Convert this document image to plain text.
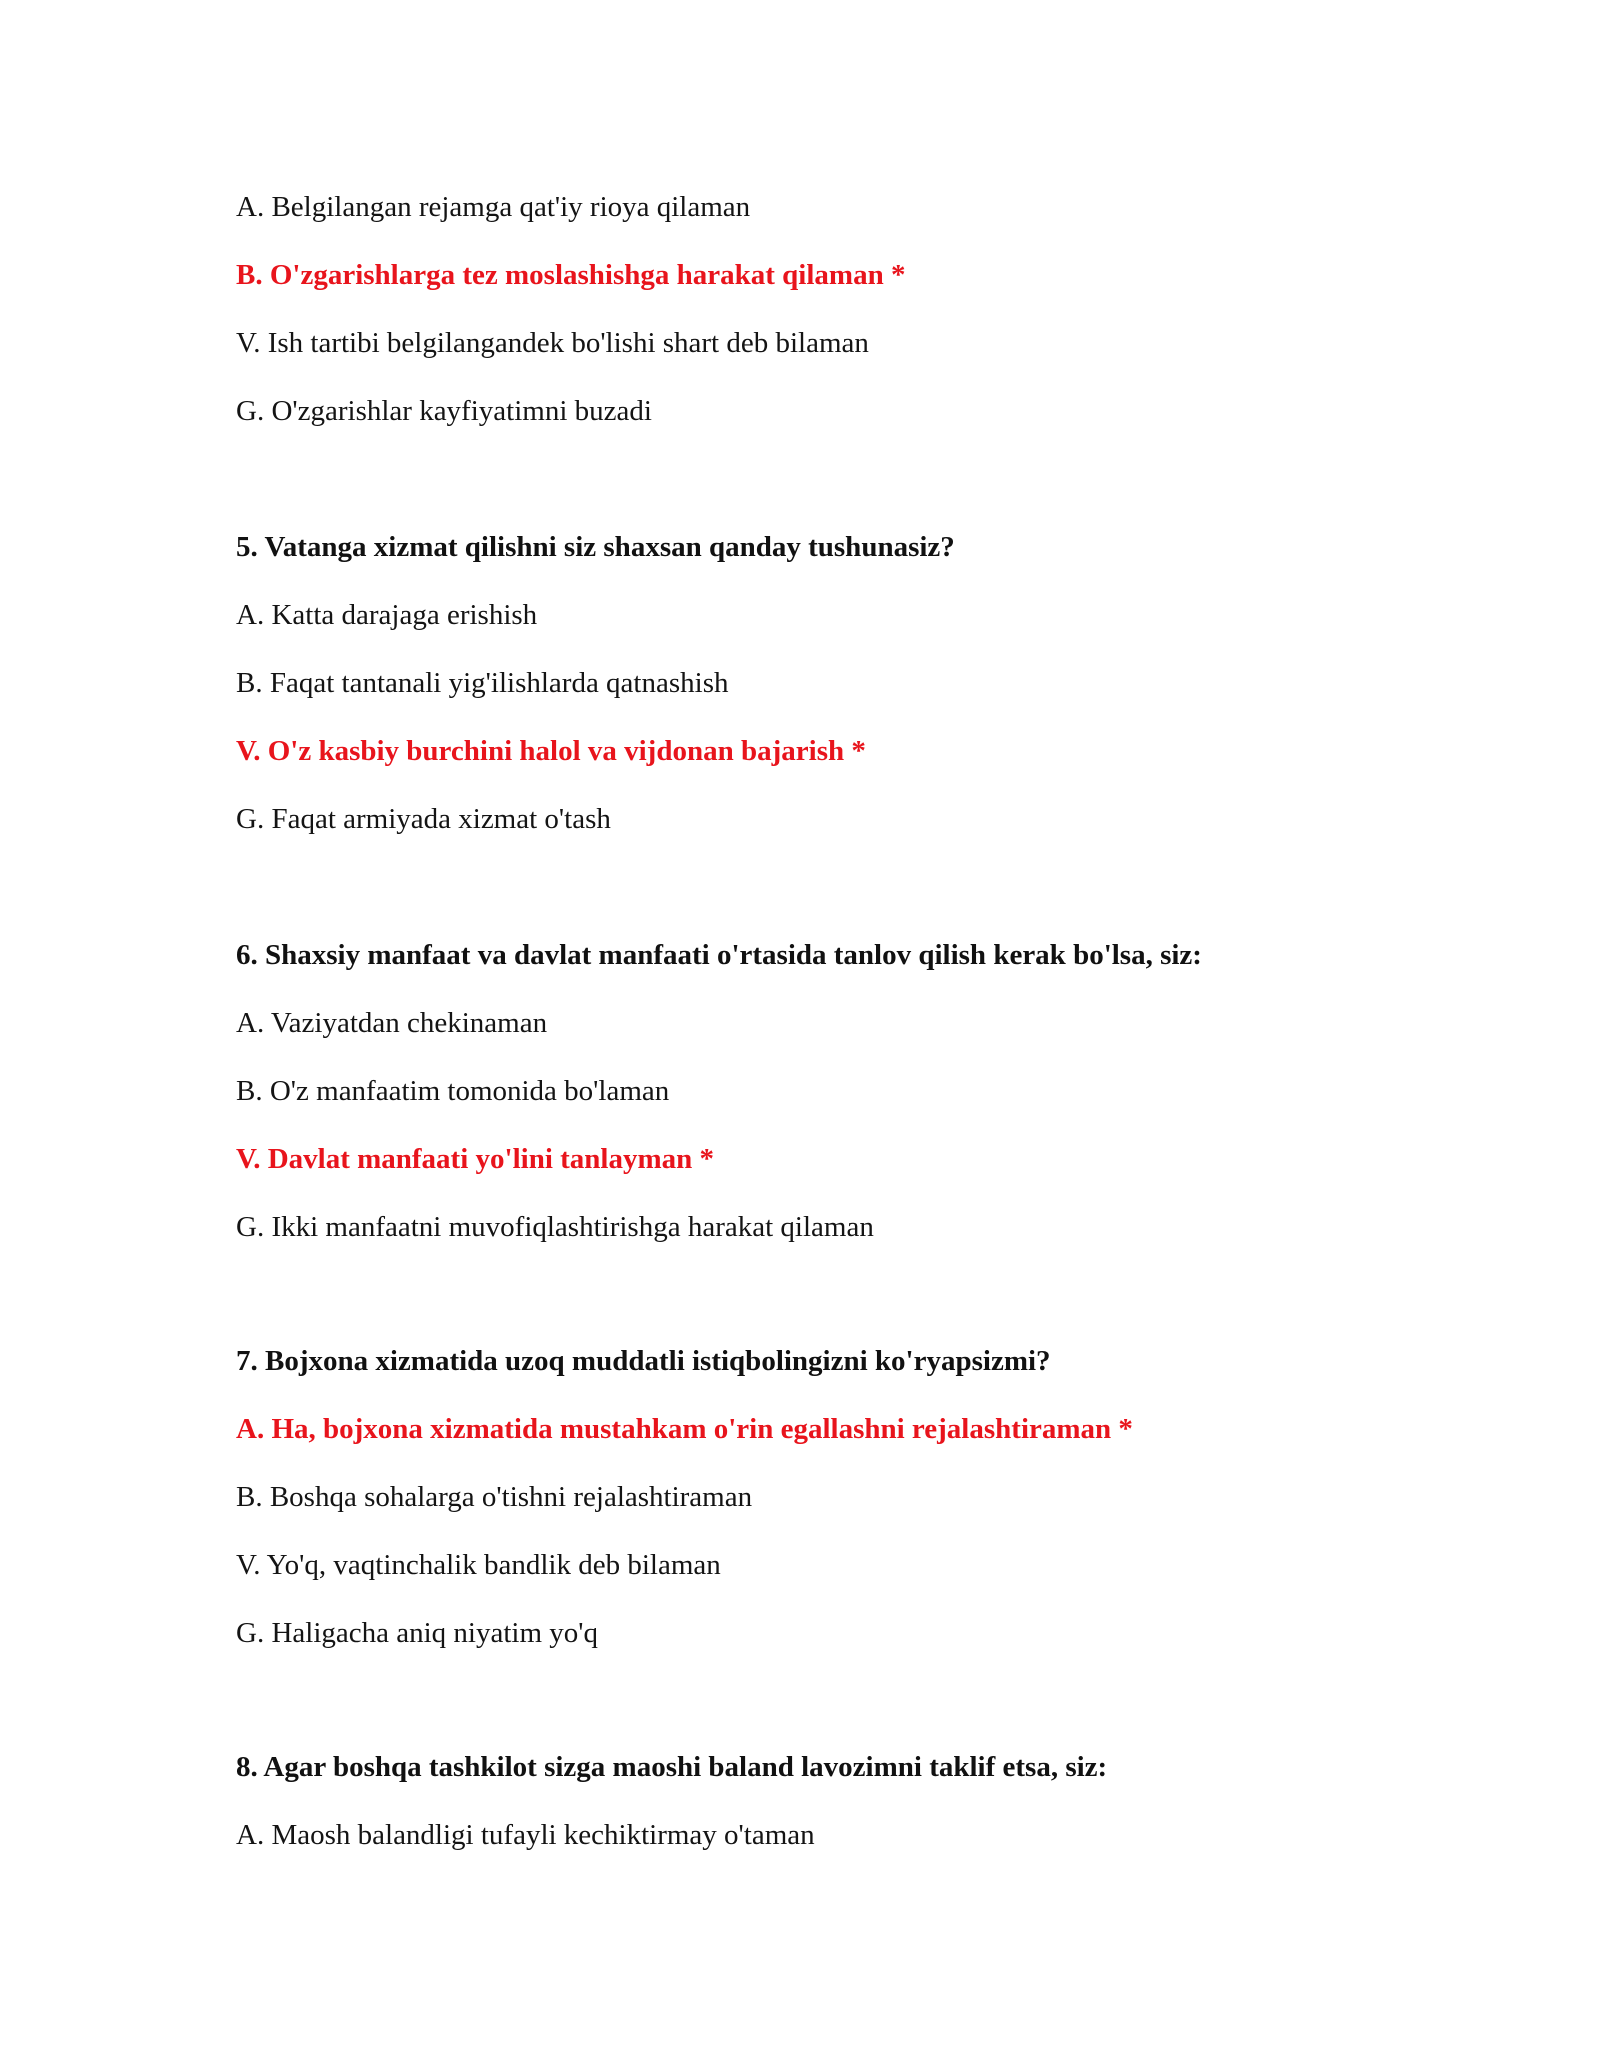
A. Belgilangan rejamga qat'iy rioya qilaman
B. O'zgarishlarga tez moslashishga harakat qilaman *
V. Ish tartibi belgilangandek bo'lishi shart deb bilaman
G. O'zgarishlar kayfiyatimni buzadi
5. Vatanga xizmat qilishni siz shaxsan qanday tushunasiz?
A. Katta darajaga erishish
B. Faqat tantanali yig'ilishlarda qatnashish
V. O'z kasbiy burchini halol va vijdonan bajarish *
G. Faqat armiyada xizmat o'tash
6. Shaxsiy manfaat va davlat manfaati o'rtasida tanlov qilish kerak bo'lsa, siz:
A. Vaziyatdan chekinaman
B. O'z manfaatim tomonida bo'laman
V. Davlat manfaati yo'lini tanlayman *
G. Ikki manfaatni muvofiqlashtirishga harakat qilaman
7. Bojxona xizmatida uzoq muddatli istiqbolingizni ko'ryapsizmi?
A. Ha, bojxona xizmatida mustahkam o'rin egallashni rejalashtiraman *
B. Boshqa sohalarga o'tishni rejalashtiraman
V. Yo'q, vaqtinchalik bandlik deb bilaman
G. Haligacha aniq niyatim yo'q
8. Agar boshqa tashkilot sizga maoshi baland lavozimni taklif etsa, siz:
A. Maosh balandligi tufayli kechiktirmay o'taman
